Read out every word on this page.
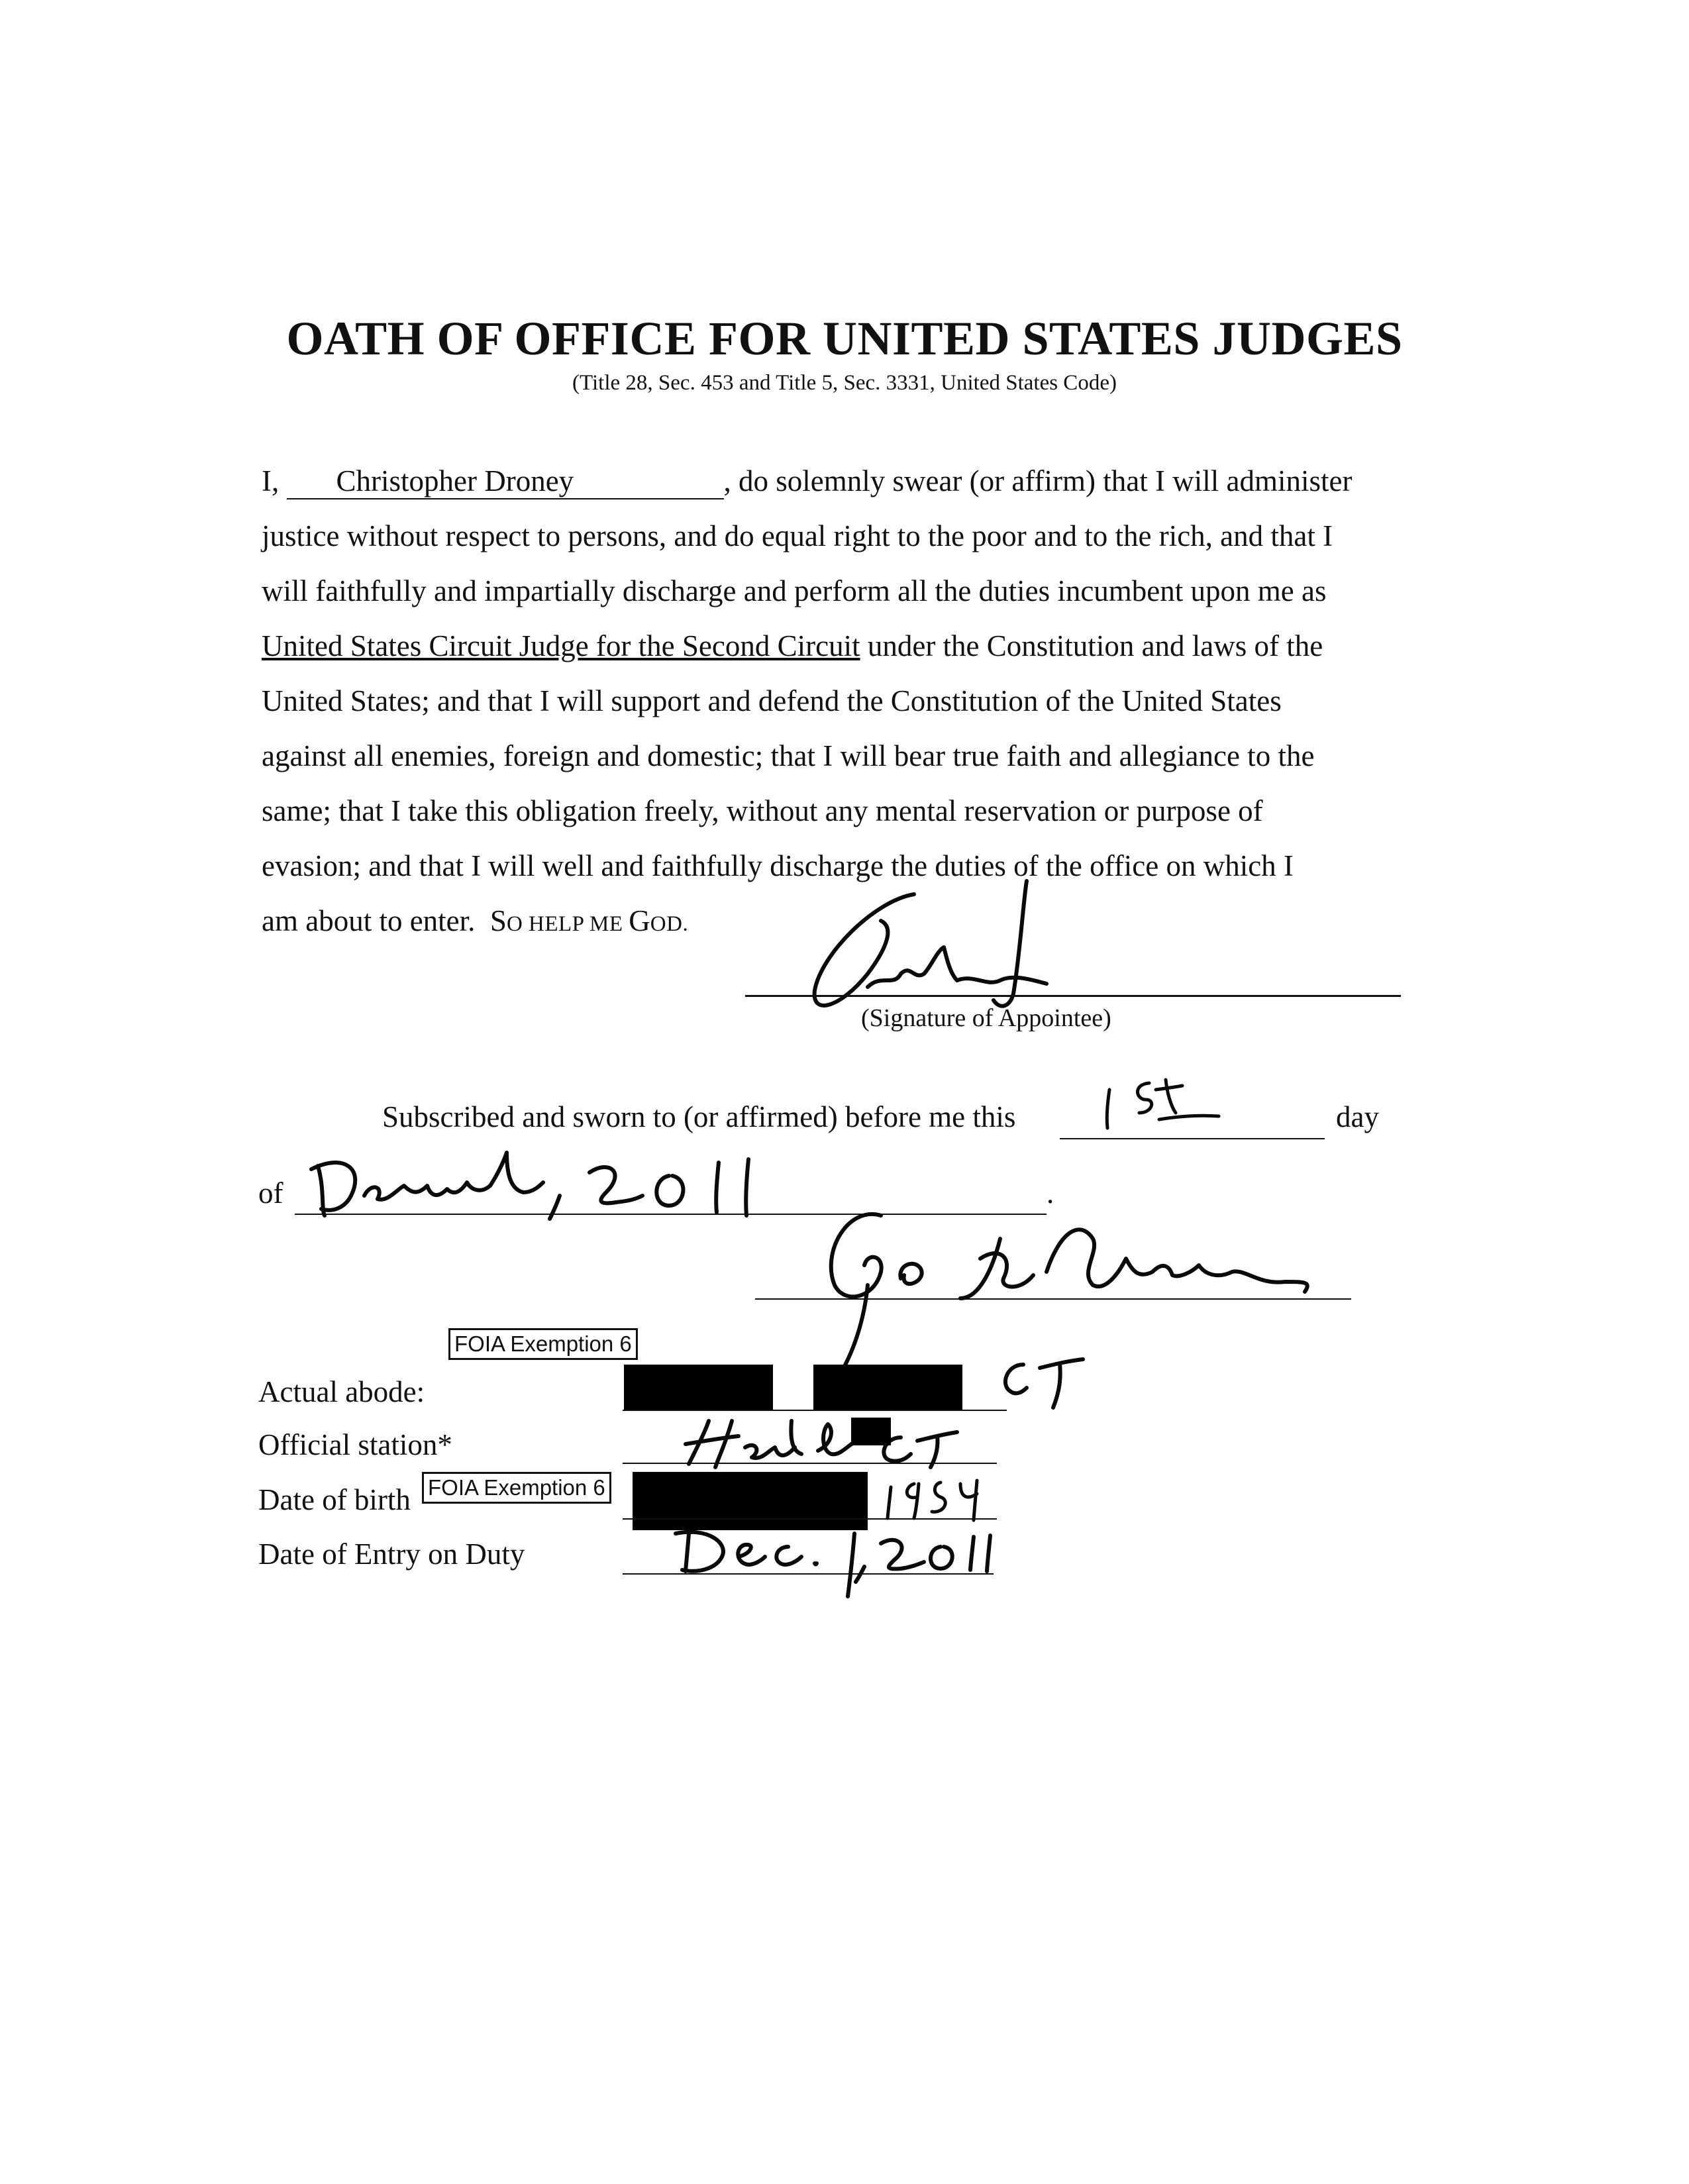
OATH OF OFFICE FOR UNITED STATES JUDGES
(Title 28, Sec. 453 and Title 5, Sec. 3331, United States Code)
I, Christopher Droney	, do solemnly swear (or affirm) that I will administer
justice without respect to persons, and do equal right to the poor and to the rich, and that I
will faithfully and impartially discharge and perform all the duties incumbent upon me as
United States Circuit Judge for the Second Circuit under the Constitution and laws of the
United States; and that I will support and defend the Constitution of the United States
against all enemies, foreign and domestic; that I will bear true faith and allegiance to the
same; that I take this obligation freely, without any mental reservation or purpose of
evasion; and that I will well and faithfully discharge the duties of the office on which I
am about to enter. SO HELP ME GOD.
(Signature of Appointee)
Subscribed and sworn to (or affirmed) before me this	day
of	.
FOIA Exemption 6
Actual abode:
Official station*
Date of birth FOIA Exemption 6
Date of Entry on Duty
